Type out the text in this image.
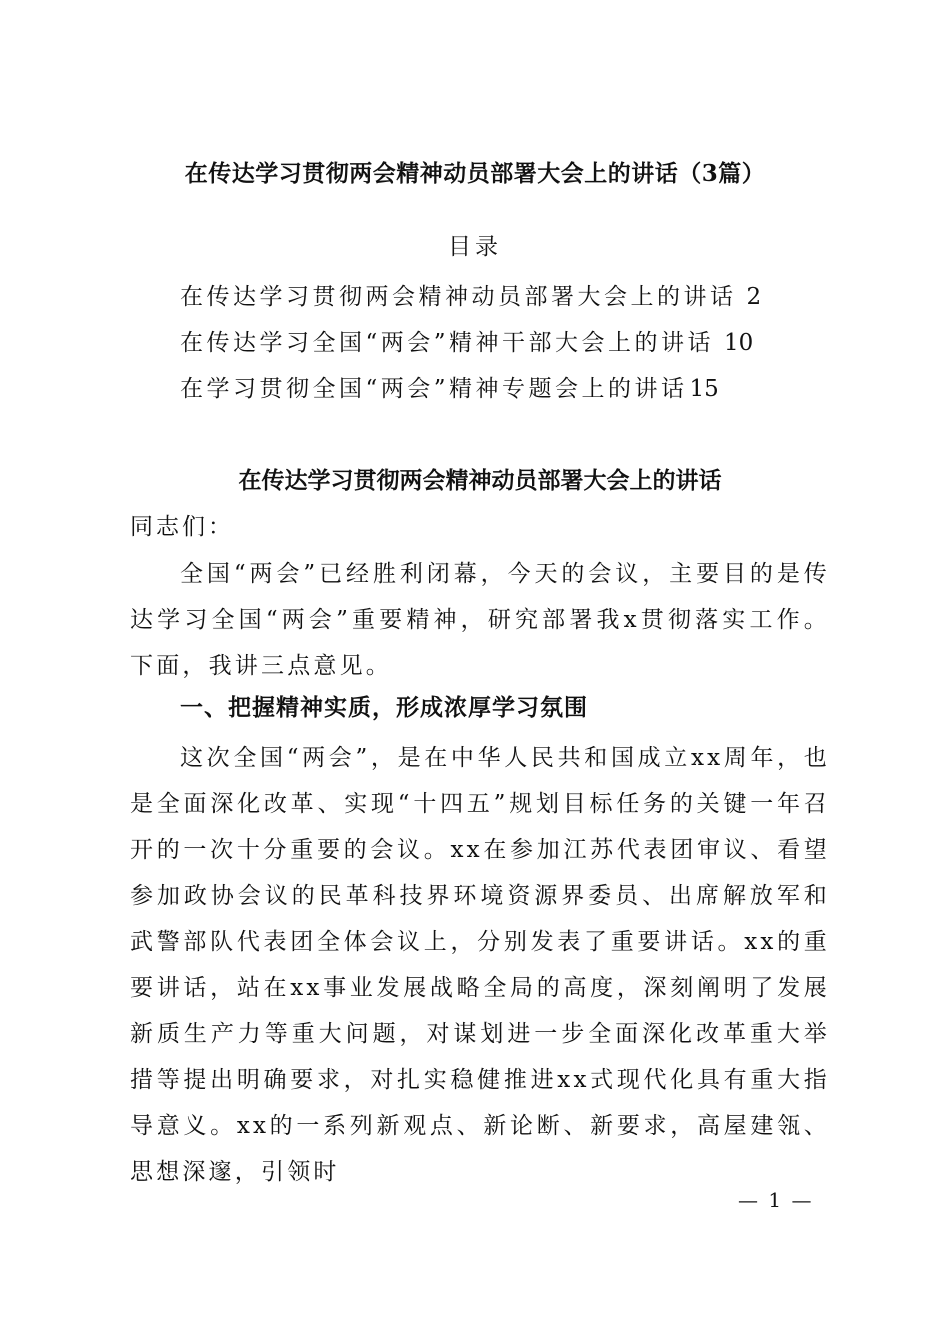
在传达学习贯彻两会精神动员部署大会上的讲话（3篇）
目录
在传达学习贯彻两会精神动员部署大会上的讲话 2
在传达学习全国“两会”精神干部大会上的讲话 10
在学习贯彻全国“两会”精神专题会上的讲话15
在传达学习贯彻两会精神动员部署大会上的讲话
同志们：

全国“两会”已经胜利闭幕，今天的会议，主要目的是传达学习全国“两会”重要精神，研究部署我x贯彻落实工作。下面，我讲三点意见。

一、把握精神实质，形成浓厚学习氛围

这次全国“两会”，是在中华人民共和国成立xx周年，也是全面深化改革、实现“十四五”规划目标任务的关键一年召开的一次十分重要的会议。xx在参加江苏代表团审议、看望参加政协会议的民革科技界环境资源界委员、出席解放军和武警部队代表团全体会议上，分别发表了重要讲话。xx的重要讲话，站在xx事业发展战略全局的高度，深刻阐明了发展新质生产力等重大问题，对谋划进一步全面深化改革重大举措等提出明确要求，对扎实稳健推进xx式现代化具有重大指导意义。xx的一系列新观点、新论断、新要求，高屋建瓴、思想深邃，引领时

— 1 —
